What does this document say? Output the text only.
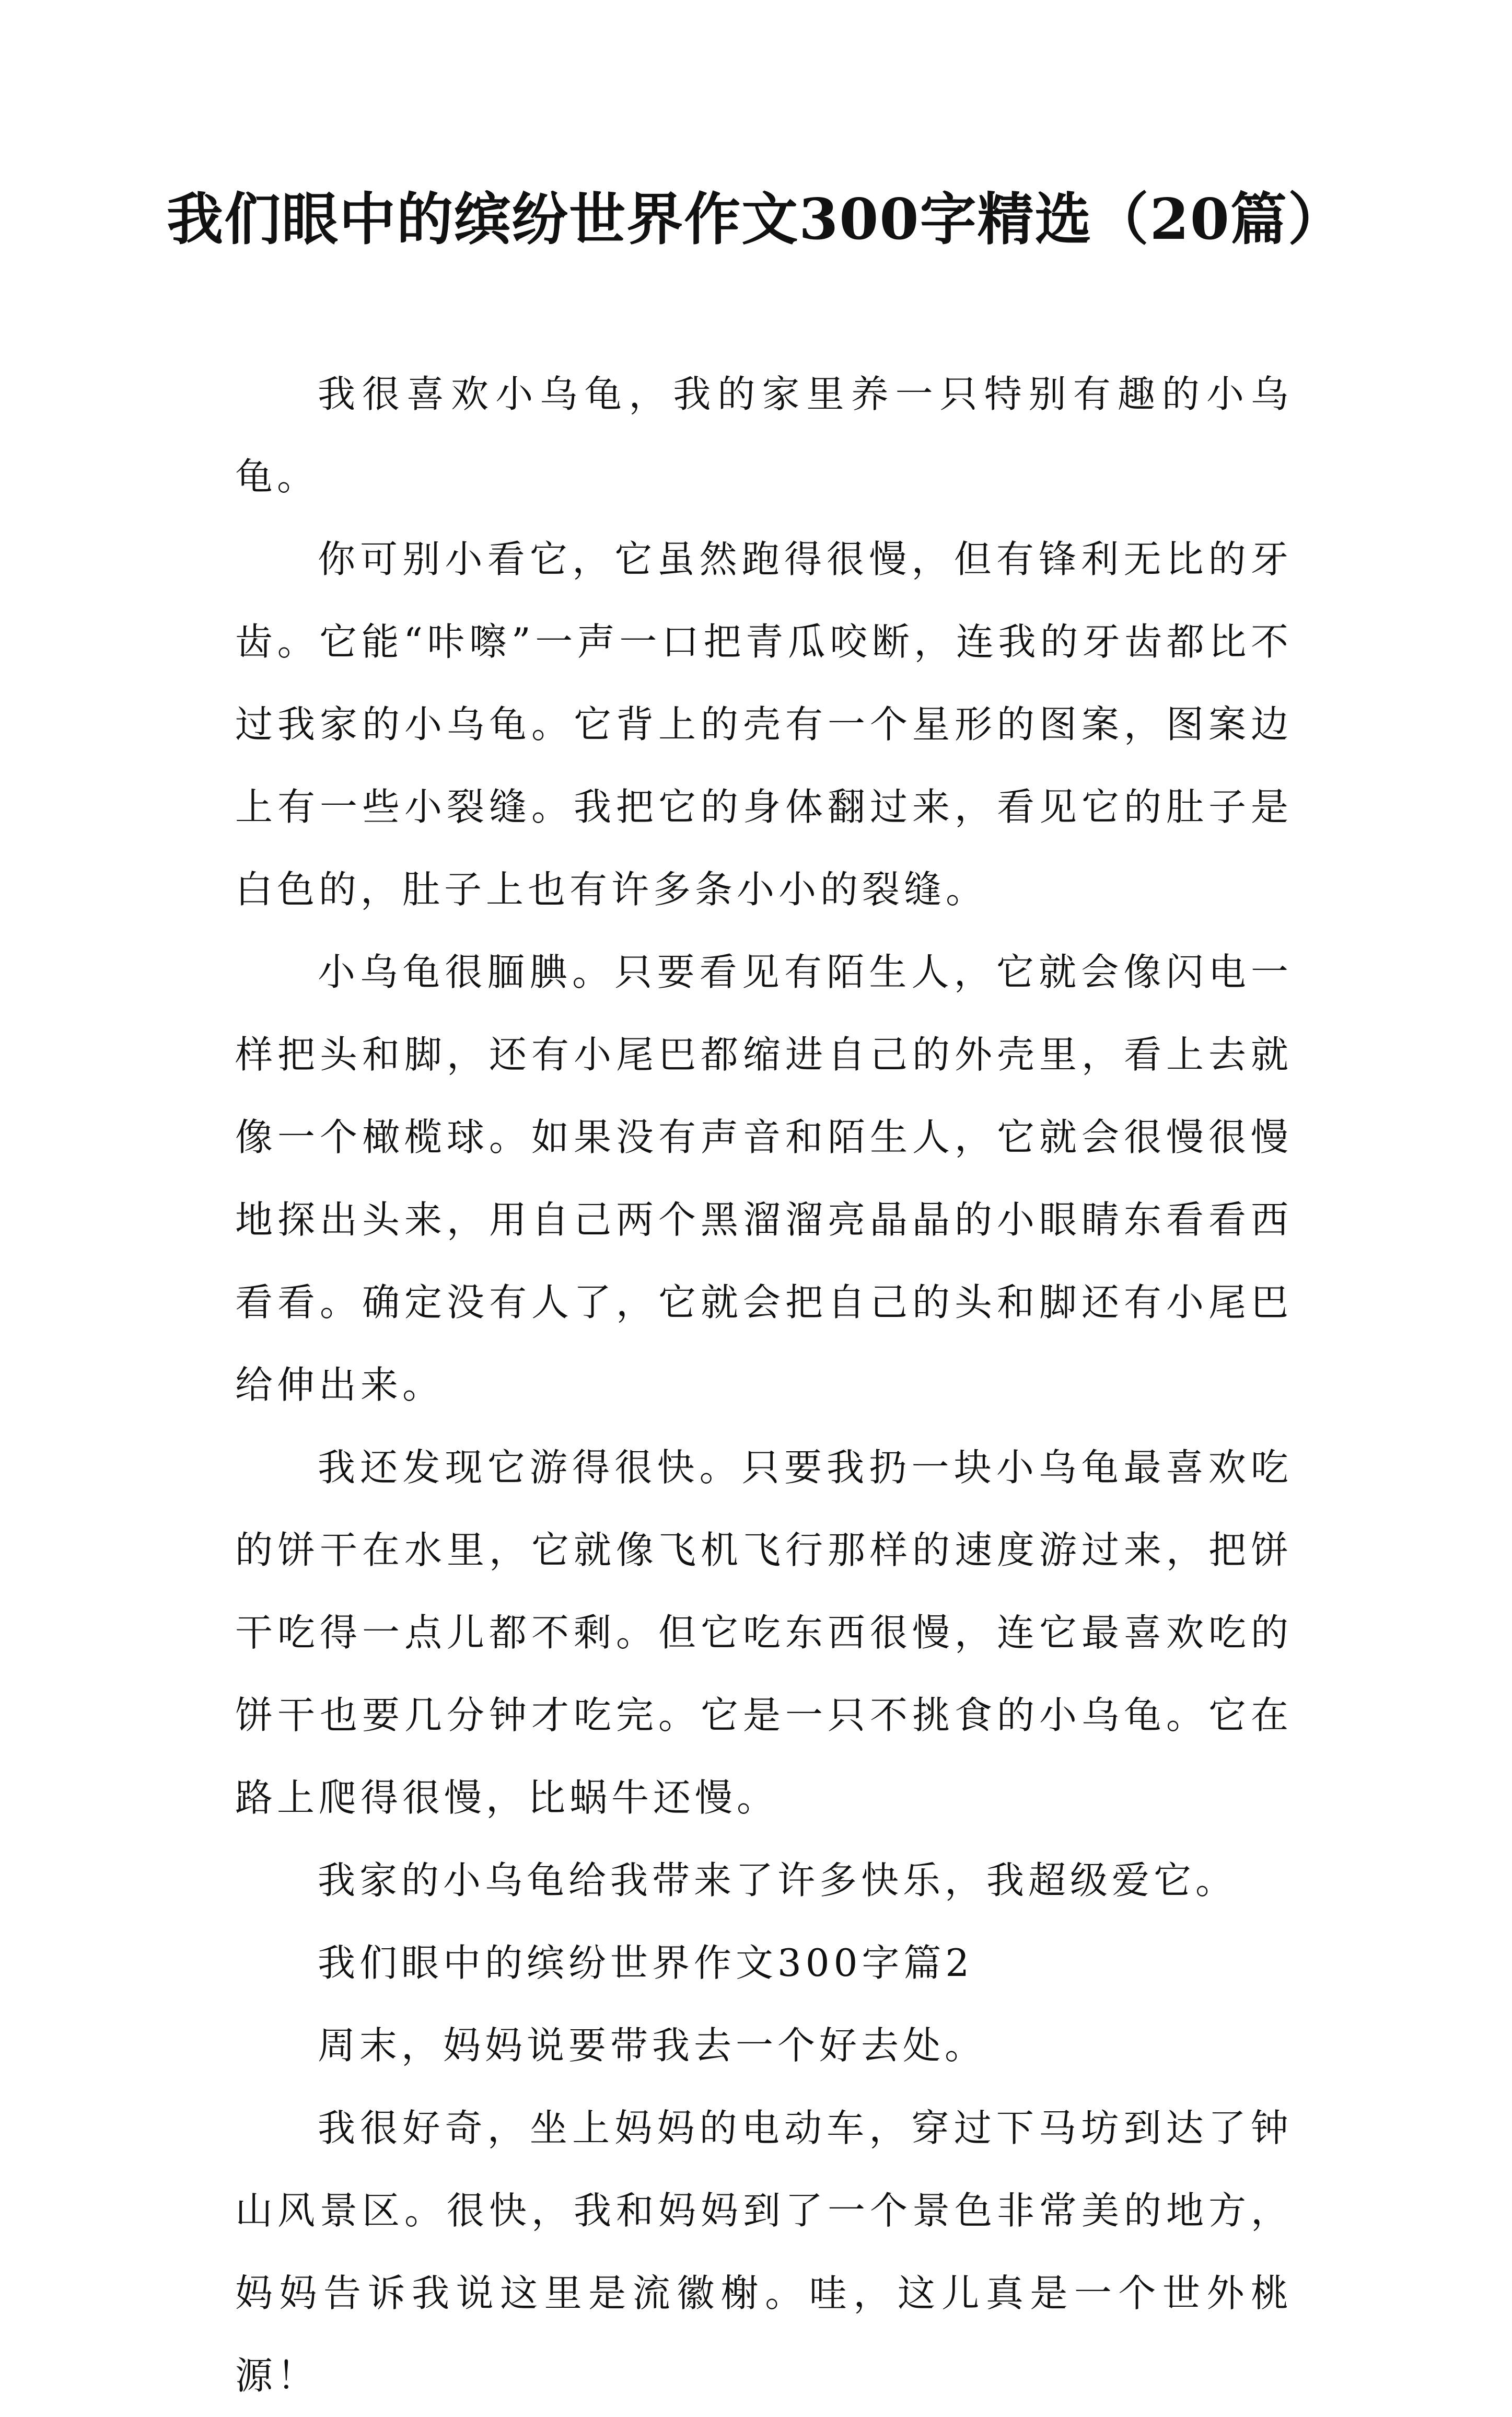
我们眼中的缤纷世界作文300字精选（20篇）

我很喜欢小乌龟，我的家里养一只特别有趣的小乌龟。

你可别小看它，它虽然跑得很慢，但有锋利无比的牙齿。它能“咔嚓”一声一口把青瓜咬断，连我的牙齿都比不过我家的小乌龟。它背上的壳有一个星形的图案，图案边上有一些小裂缝。我把它的身体翻过来，看见它的肚子是白色的，肚子上也有许多条小小的裂缝。

小乌龟很腼腆。只要看见有陌生人，它就会像闪电一样把头和脚，还有小尾巴都缩进自己的外壳里，看上去就像一个橄榄球。如果没有声音和陌生人，它就会很慢很慢地探出头来，用自己两个黑溜溜亮晶晶的小眼睛东看看西看看。确定没有人了，它就会把自己的头和脚还有小尾巴给伸出来。

我还发现它游得很快。只要我扔一块小乌龟最喜欢吃的饼干在水里，它就像飞机飞行那样的速度游过来，把饼干吃得一点儿都不剩。但它吃东西很慢，连它最喜欢吃的饼干也要几分钟才吃完。它是一只不挑食的小乌龟。它在路上爬得很慢，比蜗牛还慢。

我家的小乌龟给我带来了许多快乐，我超级爱它。

我们眼中的缤纷世界作文300字篇2

周末，妈妈说要带我去一个好去处。

我很好奇，坐上妈妈的电动车，穿过下马坊到达了钟山风景区。很快，我和妈妈到了一个景色非常美的地方，妈妈告诉我说这里是流徽榭。哇，这儿真是一个世外桃源！
